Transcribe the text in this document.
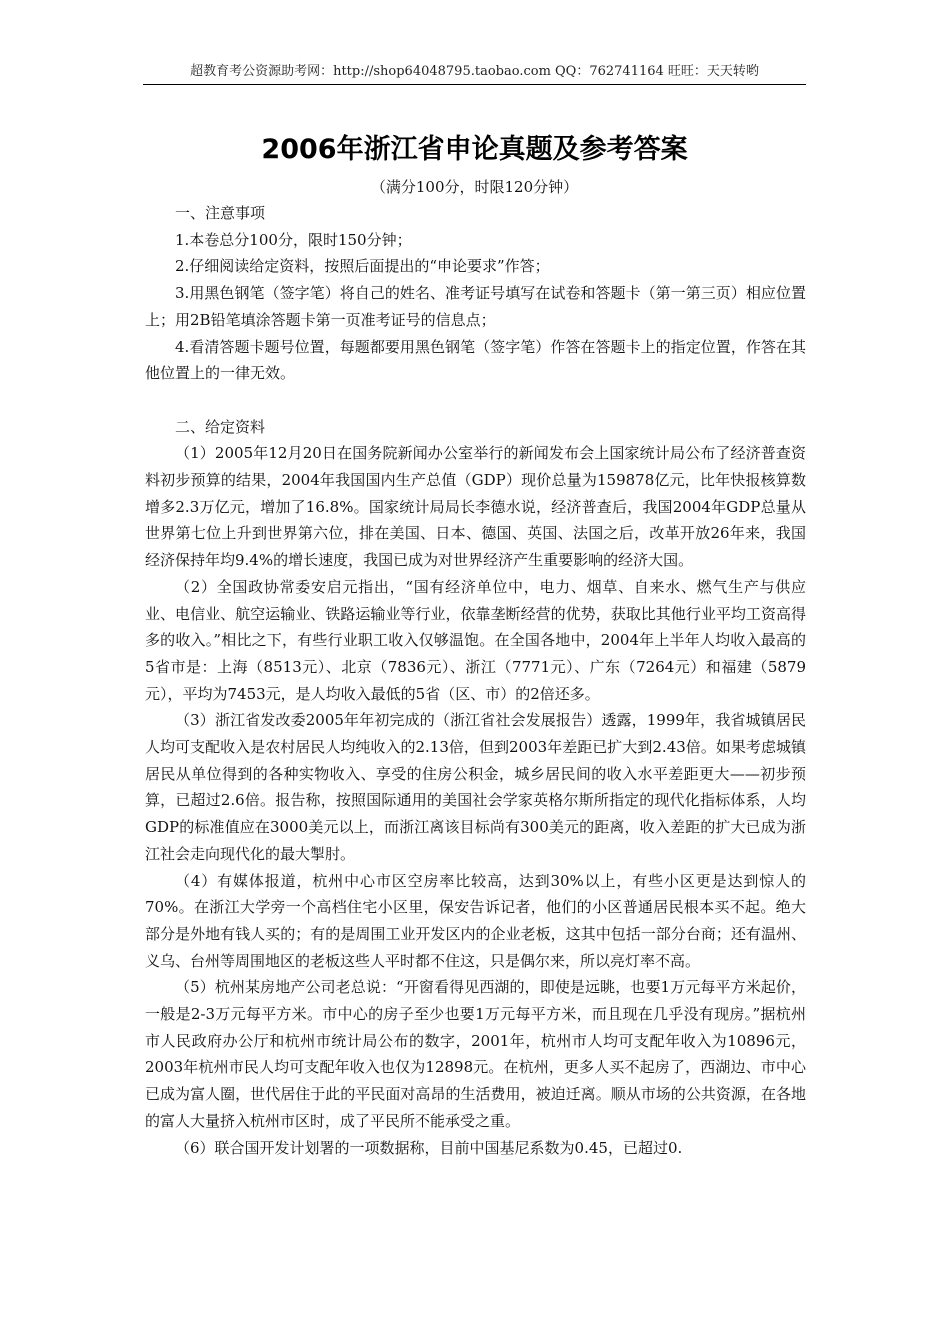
超教育考公资源助考网：http://shop64048795.taobao.com QQ：762741164 旺旺：天天转哟
2006年浙江省申论真题及参考答案
（满分100分，时限120分钟）

一、注意事项

1.本卷总分100分，限时150分钟；

2.仔细阅读给定资料，按照后面提出的“申论要求”作答；

3.用黑色钢笔（签字笔）将自己的姓名、准考证号填写在试卷和答题卡（第一第三页）相应位置上；用2B铅笔填涂答题卡第一页准考证号的信息点；

4.看清答题卡题号位置，每题都要用黑色钢笔（签字笔）作答在答题卡上的指定位置，作答在其他位置上的一律无效。

二、给定资料

（1）2005年12月20日在国务院新闻办公室举行的新闻发布会上国家统计局公布了经济普查资料初步预算的结果，2004年我国国内生产总值（GDP）现价总量为159878亿元，比年快报核算数增多2.3万亿元，增加了16.8%。国家统计局局长李德水说，经济普查后，我国2004年GDP总量从世界第七位上升到世界第六位，排在美国、日本、德国、英国、法国之后，改革开放26年来，我国经济保持年均9.4%的增长速度，我国已成为对世界经济产生重要影响的经济大国。

（2）全国政协常委安启元指出，“国有经济单位中，电力、烟草、自来水、燃气生产与供应业、电信业、航空运输业、铁路运输业等行业，依靠垄断经营的优势，获取比其他行业平均工资高得多的收入。”相比之下，有些行业职工收入仅够温饱。在全国各地中，2004年上半年人均收入最高的5省市是：上海（8513元）、北京（7836元）、浙江（7771元）、广东（7264元）和福建（5879元），平均为7453元，是人均收入最低的5省（区、市）的2倍还多。

（3）浙江省发改委2005年年初完成的（浙江省社会发展报告）透露，1999年，我省城镇居民人均可支配收入是农村居民人均纯收入的2.13倍，但到2003年差距已扩大到2.43倍。如果考虑城镇居民从单位得到的各种实物收入、享受的住房公积金，城乡居民间的收入水平差距更大——初步预算，已超过2.6倍。报告称，按照国际通用的美国社会学家英格尔斯所指定的现代化指标体系，人均GDP的标准值应在3000美元以上，而浙江离该目标尚有300美元的距离，收入差距的扩大已成为浙江社会走向现代化的最大掣肘。

（4）有媒体报道，杭州中心市区空房率比较高，达到30%以上，有些小区更是达到惊人的70%。在浙江大学旁一个高档住宅小区里，保安告诉记者，他们的小区普通居民根本买不起。绝大部分是外地有钱人买的；有的是周围工业开发区内的企业老板，这其中包括一部分台商；还有温州、义乌、台州等周围地区的老板这些人平时都不住这，只是偶尔来，所以亮灯率不高。

（5）杭州某房地产公司老总说：“开窗看得见西湖的，即使是远眺，也要1万元每平方米起价，一般是2-3万元每平方米。市中心的房子至少也要1万元每平方米，而且现在几乎没有现房。”据杭州市人民政府办公厅和杭州市统计局公布的数字，2001年，杭州市人均可支配年收入为10896元，2003年杭州市民人均可支配年收入也仅为12898元。在杭州，更多人买不起房了，西湖边、市中心已成为富人圈，世代居住于此的平民面对高昂的生活费用，被迫迁离。顺从市场的公共资源，在各地的富人大量挤入杭州市区时，成了平民所不能承受之重。

（6）联合国开发计划署的一项数据称，目前中国基尼系数为0.45，已超过0.
